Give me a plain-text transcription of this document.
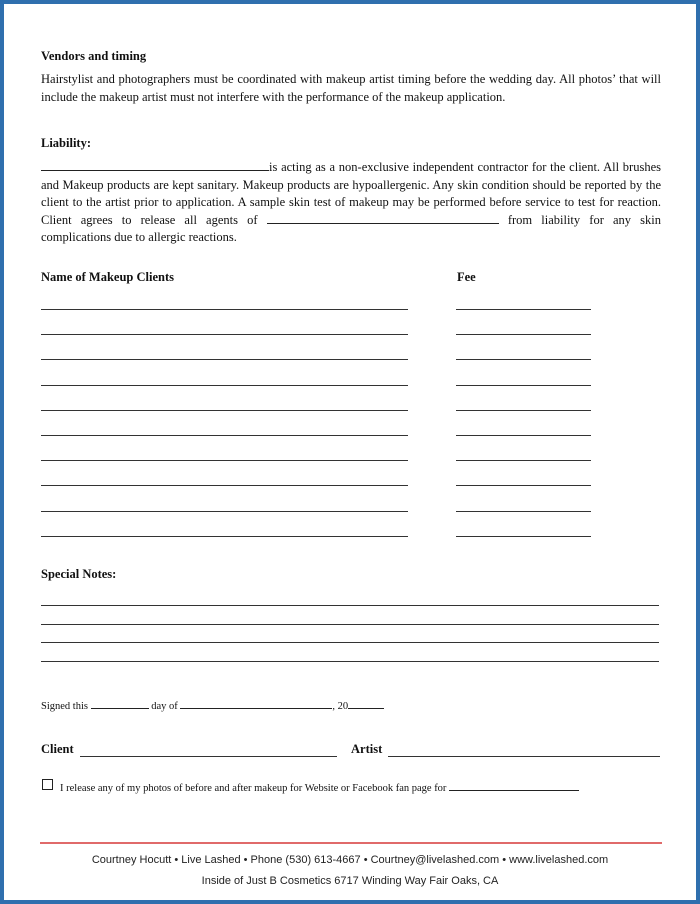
Vendors and timing

Hairstylist and photographers must be coordinated with makeup artist timing before the wedding day. All photos’ that will include the makeup artist must not interfere with the performance of the makeup application.

Liability:

is acting as a non-exclusive independent contractor for the client. All brushes and Makeup products are kept sanitary. Makeup products are hypoallergenic. Any skin condition should be reported by the client to the artist prior to application. A sample skin test of makeup may be performed before service to test for reaction. Client agrees to release all agents of	from liability for any skin complications due to allergic reactions.

Name of Makeup Clients	Fee
Special Notes:
Signed this	day of	, 20
Client	Artist
I release any of my photos of before and after makeup for Website or Facebook fan page for
Courtney Hocutt • Live Lashed • Phone (530) 613-4667 • Courtney@livelashed.com • www.livelashed.com
Inside of Just B Cosmetics 6717 Winding Way Fair Oaks, CA
